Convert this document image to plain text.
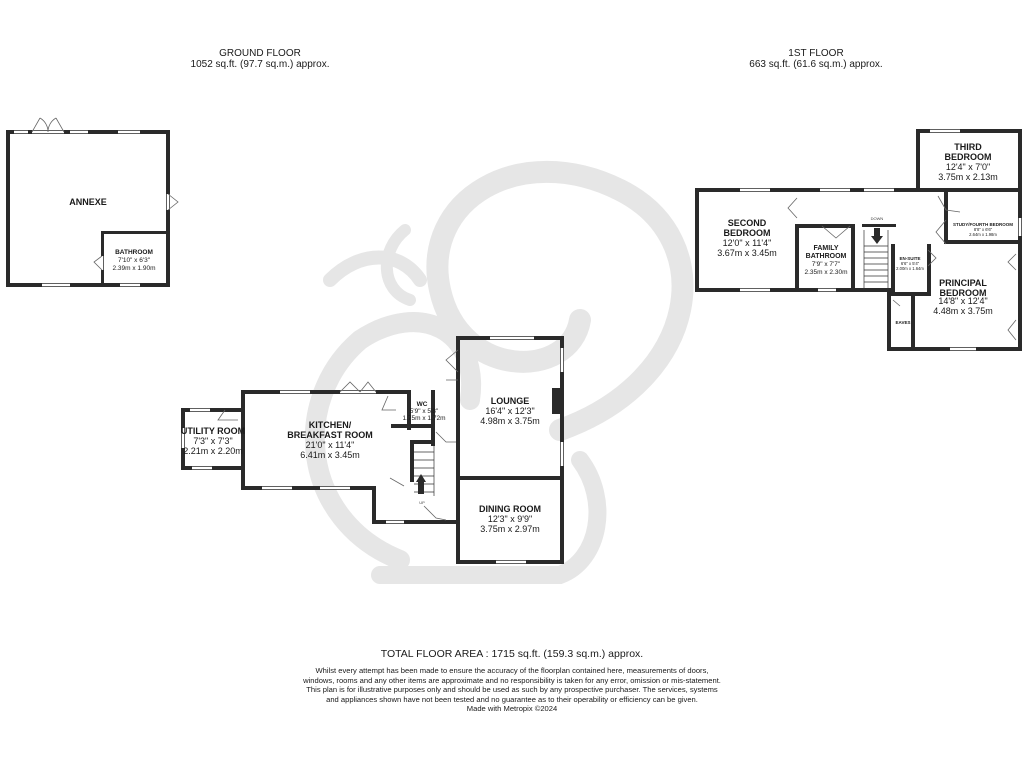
GROUND FLOOR
1052 sq.ft. (97.7 sq.m.) approx.
1ST FLOOR
663 sq.ft. (61.6 sq.m.) approx.
UP
DOWN
ANNEXE
BATHROOM
7'10" x 6'3"
2.39m x 1.90m
UTILITY ROOM
7'3" x 7'3"
2.21m x 2.20m
KITCHEN/
BREAKFAST ROOM
21'0" x 11'4"
6.41m x 3.45m
WC
5'9" x 5'8"
1.75m x 1.72m
LOUNGE
16'4" x 12'3"
4.98m x 3.75m
DINING ROOM
12'3" x 9'9"
3.75m x 2.97m
THIRD
BEDROOM
12'4" x 7'0"
3.75m x 2.13m
SECOND
BEDROOM
12'0" x 11'4"
3.67m x 3.45m	FAMILY
BATHROOM
7'9" x 7'7"
2.35m x 2.30m
STUDY/FOURTH BEDROOM
8'8" x 6'6"
2.64m x 1.98m
EN-SUITE
6'6" x 5'4"
2.00m x 1.64m
PRINCIPAL
BEDROOM
14'8" x 12'4"
4.48m x 3.75m
EAVES
TOTAL FLOOR AREA : 1715 sq.ft. (159.3 sq.m.) approx.
Whilst every attempt has been made to ensure the accuracy of the floorplan contained here, measurements of doors, windows, rooms and any other items are approximate and no responsibility is taken for any error, omission or mis-statement. This plan is for illustrative purposes only and should be used as such by any prospective purchaser. The services, systems and appliances shown have not been tested and no guarantee as to their operability or efficiency can be given.
Made with Metropix ©2024
